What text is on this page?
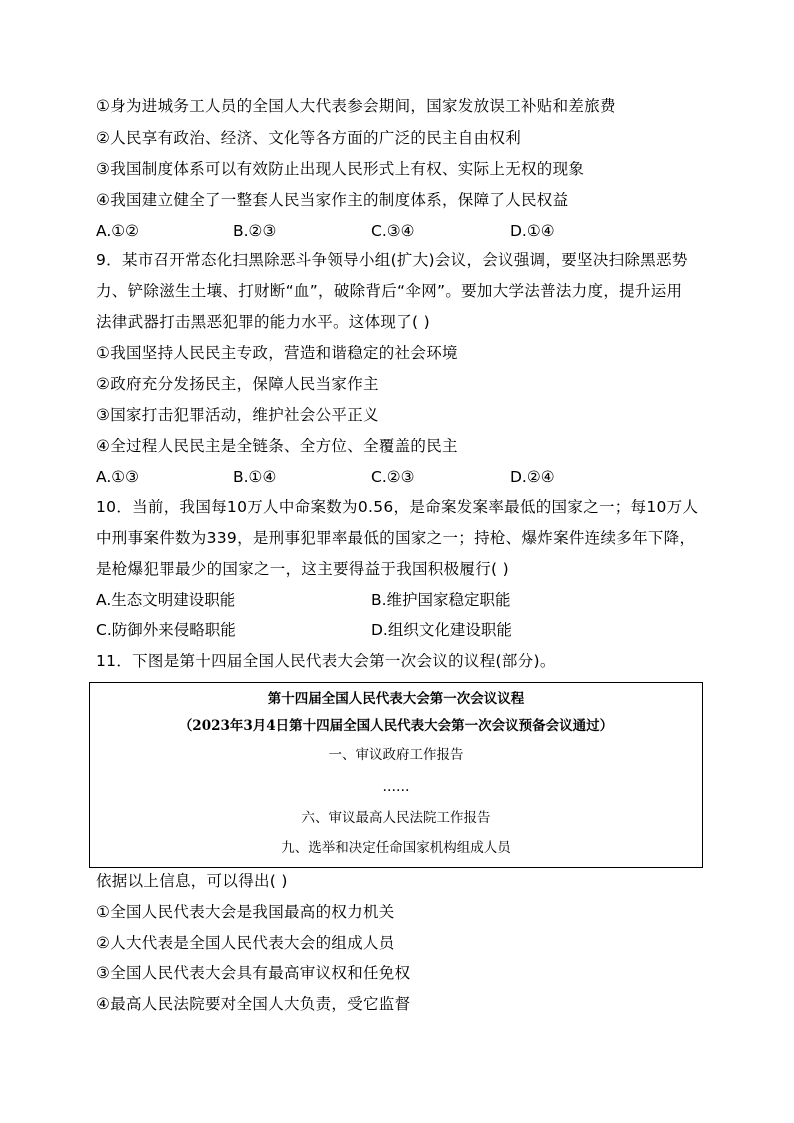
①身为进城务工人员的全国人大代表参会期间，国家发放误工补贴和差旅费
②人民享有政治、经济、文化等各方面的广泛的民主自由权利
③我国制度体系可以有效防止出现人民形式上有权、实际上无权的现象
④我国建立健全了一整套人民当家作主的制度体系，保障了人民权益
A.①②	B.②③	C.③④	D.①④
9．某市召开常态化扫黑除恶斗争领导小组(扩大)会议，会议强调，要坚决扫除黑恶势
力、铲除滋生土壤、打财断“血”，破除背后“伞网”。要加大学法普法力度，提升运用
法律武器打击黑恶犯罪的能力水平。这体现了( )
①我国坚持人民民主专政，营造和谐稳定的社会环境
②政府充分发扬民主，保障人民当家作主
③国家打击犯罪活动，维护社会公平正义
④全过程人民民主是全链条、全方位、全覆盖的民主
A.①③	B.①④	C.②③	D.②④
10．当前，我国每10万人中命案数为0.56，是命案发案率最低的国家之一；每10万人
中刑事案件数为339，是刑事犯罪率最低的国家之一；持枪、爆炸案件连续多年下降，
是枪爆犯罪最少的国家之一，这主要得益于我国积极履行( )
A.生态文明建设职能	B.维护国家稳定职能
C.防御外来侵略职能	D.组织文化建设职能
11．下图是第十四届全国人民代表大会第一次会议的议程(部分)。
第十四届全国人民代表大会第一次会议议程
（2023年3月4日第十四届全国人民代表大会第一次会议预备会议通过）
一、审议政府工作报告
……
六、审议最高人民法院工作报告
九、选举和决定任命国家机构组成人员
依据以上信息，可以得出( )
①全国人民代表大会是我国最高的权力机关
②人大代表是全国人民代表大会的组成人员
③全国人民代表大会具有最高审议权和任免权
④最高人民法院要对全国人大负责，受它监督
